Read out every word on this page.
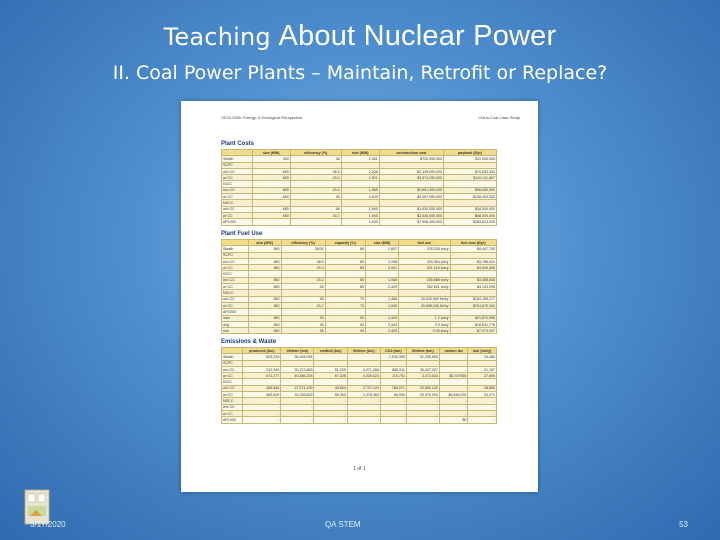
Teaching About Nuclear Power
II. Coal Power Plants – Maintain, Retrofit or Replace?
GEOL2650: Energy: A Geological Perspective	China Coal Case Study
Plant Costs
	size (MW)	efficiency (%)	size (MW)	construction cost	payback ($/yr)
Steath	300	36	2,361	$720,000,000	$11,000,000
SCPC					
w/o CC	650	38.5	2,208	$2,125,000,000	$70,833,333
w/ CC	650	29.3	2,901	$3,574,250,000	$119,141,667
IGCC					
w/o CC	650	43.2	1,968	$2,861,300,000	$96,050,000
w/ CC	650	35	2,429	$4,057,900,000	$135,263,333
NGCC					
w/o CC	650	58	1,466	$1,020,000,000	$34,000,000
w/ CC	650	43.7	1,945	$2,040,000,000	$68,000,000
AP1000			2,429	$7,908,400,000	$263,613,333
Plant Fuel Use
	size (MW)	efficiency (%)	capacity (%)	size (MW)	fuel use	fuel cost ($/yr)
Steath	650	36/31	85	2,607	378,328 ton/y	$4,447,705
SCPC						
w/o CC	650	38.5	85	2,208	320,364 ton/y	$3,766,631
w/ CC	650	29.3	85	2,901	421,019 ton/y	$4,949,328
IGCC						
w/o CC	650	43.2	85	1,968	285,688 ton/y	$3,358,836
w/ CC	650	35	85	2,429	352,621 ton/y	$4,143,295
NGCC						
w/o CC	650	58	70	1,466	30,030,969 Mcf/y	$154,159,177
w/ CC	650	43.7	70	1,945	39,858,036 Mcf/y	$204,670,304
AP1000						
max	650	35	90	2,429	1.2 ton/y	$21,872,906
avg	650	35	90	2,429	0.9 ton/y	$16,641,778
min	650	35	90	2,429	0.05 ton/y	$7,073,097
Emissions & Waste
	produced (ton)	lifetime (ton)	emitted (ton)	lifetime (ton)	CO2 (ton)	lifetime (ton)	carbon tax	ash (ton/y)
Steath	603,239	36,264,054			1,040,395	31,205,953	-	24,485
SCPC								
w/o CC	512,390	30,712,663	51,239	3,071,266	880,911	26,427,327	-	21,157
w/ CC	671,277	40,356,226	67,328	4,035,623	115,751	3,472,533	$3,787555	27,800
IGCC								
w/o CC	456,644	27,371,239	45,664	2,737,124	785,071	23,552,132	-	18,855
w/ CC	563,629	33,783,629	56,363	3,378,363	96,900	29,070,000	$4,845,000	23,271
NGCC	-	-	-	-	-	-	-	-
w/o CC	-	-	-	-	-	-	-	-
w/ CC	-	-	-	-	-	-	-	-
AP1000	-	-	-	-	-	-	$0	-
1 of 1
3/17/2020	QA STEM	53
